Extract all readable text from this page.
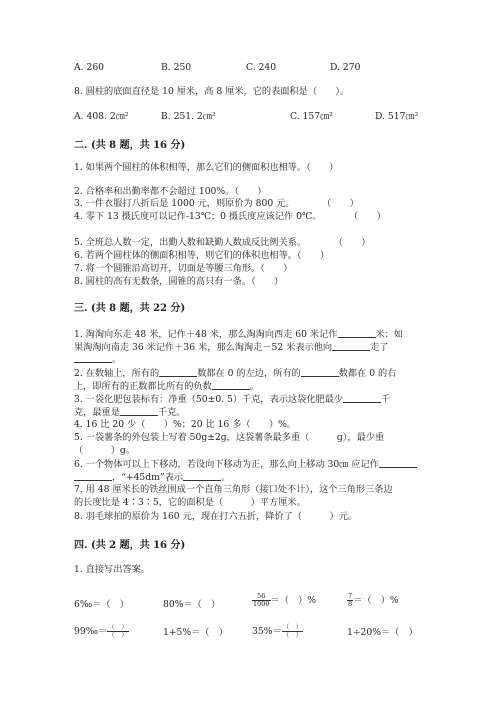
A. 260	B. 250	C. 240	D. 270
8. 圆柱的底面直径是 10 厘米，高 8 厘米，它的表面积是（　　）。
A. 408. 2㎝²	B. 251. 2㎝²	C. 157㎝²	D. 517㎝²
二. (共 8 题，共 16 分)
1. 如果两个圆柱的体积相等，那么它们的侧面积也相等。（　　）
2. 合格率和出勤率都不会超过 100%。（　　）
3. 一件衣服打八折后是 1000 元，则原价为 800 元。　　　　（　　）
4. 零下 13 摄氏度可以记作-13℃；0 摄氏度应该记作 0℃。　　　　（　　）
5. 全班总人数一定，出勤人数和缺勤人数成反比例关系。　　　　（　　）
6. 若两个圆柱体的侧面积相等，则它们的体积也相等。（　　）
7. 将一个圆锥沿高切开，切面是等腰三角形。（　　）
8. 圆柱的高有无数条，圆锥的高只有一条。（　　）
三. (共 8 题，共 22 分)
1. 淘淘向东走 48 米，记作＋48 米，那么淘淘向西走 60 米记作	米；如
果淘淘向南走 36 米记作＋36 米，那么淘淘走－52 米表示他向	走了
。
2. 在数轴上，所有的	数都在 0 的左边，所有的	数都在 0 的右
上，即所有的正数都比所有的负数	。
3. 一袋化肥包装标有：净重（50±0. 5）千克，表示这袋化肥最少	千
克，最重是	千克。
4. 16 比 20 少（　　）%；20 比 16 多（　　）%。
5. 一袋薯条的外包装上写着 50g±2g，这袋薯条最多重（　　　g），最少重
（　　　）g。
6. 一个物体可以上下移动，若设向下移动为正，那么向上移动 30㎝ 应记作
，“+45dm”表示	。
7. 用 48 厘米长的铁丝围成一个直角三角形（接口处不计），这个三角形三条边
的长度比是 4∶3∶5，它的面积是（　　　）平方厘米。
8. 羽毛球拍的原价为 160 元，现在打六五折，降价了（　　　）元。
四. (共 2 题，共 16 分)
1. 直接写出答案。
6‰＝（　）	80%＝（　）	$\frac{56}{1000}$ ＝（　）%	$\frac{7}{8}$ ＝（　）%
99‰＝ $\frac{( )}{( )}$	1+5%＝（　）	$35\%= \frac{( )}{( )}$	1÷20%＝（　）
